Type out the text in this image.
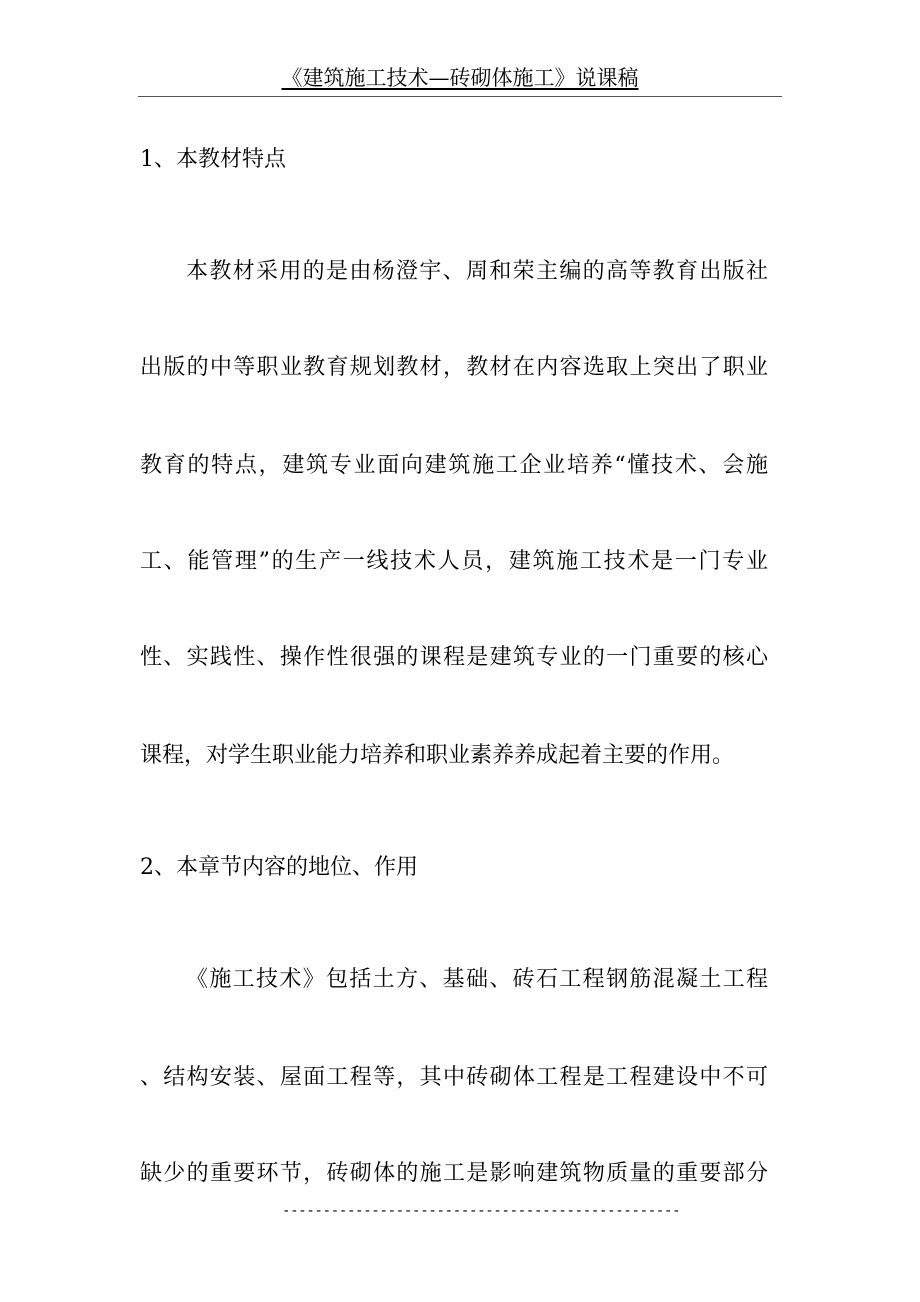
《建筑施工技术—砖砌体施工》说课稿
1、本教材特点
本教材采用的是由杨澄宇、周和荣主编的高等教育出版社
出版的中等职业教育规划教材，教材在内容选取上突出了职业
教育的特点，建筑专业面向建筑施工企业培养“懂技术、会施
工、能管理”的生产一线技术人员，建筑施工技术是一门专业
性、实践性、操作性很强的课程是建筑专业的一门重要的核心
课程，对学生职业能力培养和职业素养养成起着主要的作用。
2、本章节内容的地位、作用
《施工技术》包括土方、基础、砖石工程钢筋混凝土工程
、结构安装、屋面工程等，其中砖砌体工程是工程建设中不可
缺少的重要环节，砖砌体的施工是影响建筑物质量的重要部分
-------------------------------------------------
